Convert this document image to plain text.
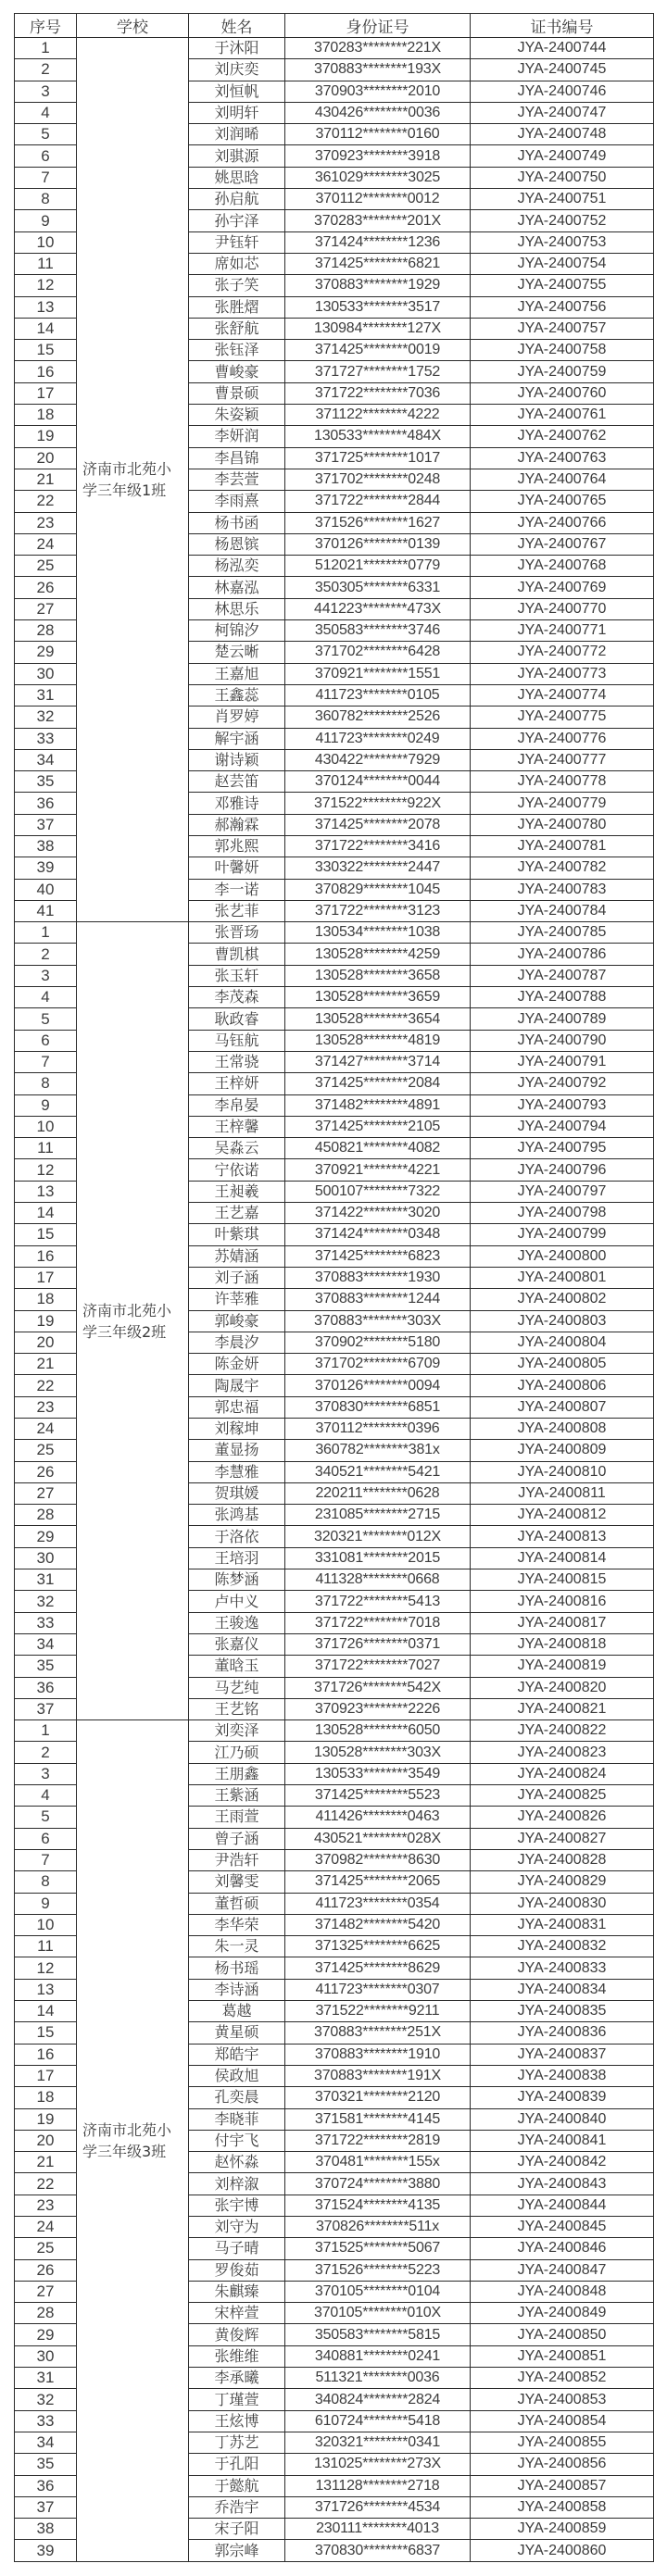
序号	学校	姓名	身份证号	证书编号
1	济南市北苑小学三年级1班	于沐阳	370283********221X	JYA-2400744
2		刘庆奕	370883********193X	JYA-2400745
3		刘恒帆	370903********2010	JYA-2400746
4		刘明轩	430426********0036	JYA-2400747
5		刘润晞	370112********0160	JYA-2400748
6		刘骐源	370923********3918	JYA-2400749
7		姚思晗	361029********3025	JYA-2400750
8		孙启航	370112********0012	JYA-2400751
9		孙宇泽	370283********201X	JYA-2400752
10		尹钰轩	371424********1236	JYA-2400753
11		席如芯	371425********6821	JYA-2400754
12		张子笑	370883********1929	JYA-2400755
13		张胜熠	130533********3517	JYA-2400756
14		张舒航	130984********127X	JYA-2400757
15		张钰泽	371425********0019	JYA-2400758
16		曹峻豪	371727********1752	JYA-2400759
17		曹景硕	371722********7036	JYA-2400760
18		朱姿颖	371122********4222	JYA-2400761
19		李妍润	130533********484X	JYA-2400762
20		李昌锦	371725********1017	JYA-2400763
21		李芸萱	371702********0248	JYA-2400764
22		李雨熹	371722********2844	JYA-2400765
23		杨书函	371526********1627	JYA-2400766
24		杨恩镔	370126********0139	JYA-2400767
25		杨泓奕	512021********0779	JYA-2400768
26		林嘉泓	350305********6331	JYA-2400769
27		林思乐	441223********473X	JYA-2400770
28		柯锦汐	350583********3746	JYA-2400771
29		楚云晰	371702********6428	JYA-2400772
30		王嘉旭	370921********1551	JYA-2400773
31		王鑫蕊	411723********0105	JYA-2400774
32		肖罗婷	360782********2526	JYA-2400775
33		解宇涵	411723********0249	JYA-2400776
34		谢诗颖	430422********7929	JYA-2400777
35		赵芸笛	370124********0044	JYA-2400778
36		邓雅诗	371522********922X	JYA-2400779
37		郝瀚霖	371425********2078	JYA-2400780
38		郭兆熙	371722********3416	JYA-2400781
39		叶馨妍	330322********2447	JYA-2400782
40		李一诺	370829********1045	JYA-2400783
41		张艺菲	371722********3123	JYA-2400784
1	济南市北苑小学三年级2班	张晋玚	130534********1038	JYA-2400785
2		曹凯棋	130528********4259	JYA-2400786
3		张玉轩	130528********3658	JYA-2400787
4		李茂森	130528********3659	JYA-2400788
5		耿政睿	130528********3654	JYA-2400789
6		马钰航	130528********4819	JYA-2400790
7		王常骁	371427********3714	JYA-2400791
8		王梓妍	371425********2084	JYA-2400792
9		李帛晏	371482********4891	JYA-2400793
10		王梓馨	371425********2105	JYA-2400794
11		吴淼云	450821********4082	JYA-2400795
12		宁依诺	370921********4221	JYA-2400796
13		王昶羲	500107********7322	JYA-2400797
14		王艺嘉	371422********3020	JYA-2400798
15		叶紫琪	371424********0348	JYA-2400799
16		苏婧涵	371425********6823	JYA-2400800
17		刘子涵	370883********1930	JYA-2400801
18		许莘雅	370883********1244	JYA-2400802
19		郭峻豪	370883********303X	JYA-2400803
20		李晨汐	370902********5180	JYA-2400804
21		陈金妍	371702********6709	JYA-2400805
22		陶晟宇	370126********0094	JYA-2400806
23		郭忠福	370830********6851	JYA-2400807
24		刘稼坤	370112********0396	JYA-2400808
25		董显扬	360782********381x	JYA-2400809
26		李慧雅	340521********5421	JYA-2400810
27		贺琪媛	220211********0628	JYA-2400811
28		张鸿基	231085********2715	JYA-2400812
29		于洛依	320321********012X	JYA-2400813
30		王培羽	331081********2015	JYA-2400814
31		陈梦涵	411328********0668	JYA-2400815
32		卢中义	371722********5413	JYA-2400816
33		王骏逸	371722********7018	JYA-2400817
34		张嘉仪	371726********0371	JYA-2400818
35		董晗玉	371722********7027	JYA-2400819
36		马艺纯	371726********542X	JYA-2400820
37		王艺铭	370923********2226	JYA-2400821
1	济南市北苑小学三年级3班	刘奕泽	130528********6050	JYA-2400822
2		江乃硕	130528********303X	JYA-2400823
3		王朋鑫	130533********3549	JYA-2400824
4		王紫涵	371425********5523	JYA-2400825
5		王雨萱	411426********0463	JYA-2400826
6		曾子涵	430521********028X	JYA-2400827
7		尹浩轩	370982********8630	JYA-2400828
8		刘馨雯	371425********2065	JYA-2400829
9		董哲硕	411723********0354	JYA-2400830
10		李华荣	371482********5420	JYA-2400831
11		朱一灵	371325********6625	JYA-2400832
12		杨书瑶	371425********8629	JYA-2400833
13		李诗涵	411723********0307	JYA-2400834
14		葛越	371522********9211	JYA-2400835
15		黄星硕	370883********251X	JYA-2400836
16		郑皓宇	370883********1910	JYA-2400837
17		侯政旭	370883********191X	JYA-2400838
18		孔奕晨	370321********2120	JYA-2400839
19		李晓菲	371581********4145	JYA-2400840
20		付宇飞	371722********2819	JYA-2400841
21		赵怀淼	370481********155x	JYA-2400842
22		刘梓溆	370724********3880	JYA-2400843
23		张宇博	371524********4135	JYA-2400844
24		刘守为	370826********511x	JYA-2400845
25		马子晴	371525********5067	JYA-2400846
26		罗俊茹	371526********5223	JYA-2400847
27		朱麒臻	370105********0104	JYA-2400848
28		宋梓萱	370105********010X	JYA-2400849
29		黄俊辉	350583********5815	JYA-2400850
30		张维维	340881********0241	JYA-2400851
31		李承曦	511321********0036	JYA-2400852
32		丁瑾萱	340824********2824	JYA-2400853
33		王炫博	610724********5418	JYA-2400854
34		丁苏艺	320321********0341	JYA-2400855
35		于孔阳	131025********273X	JYA-2400856
36		于懿航	131128********2718	JYA-2400857
37		乔浩宇	371726********4534	JYA-2400858
38		宋子阳	230111********4013	JYA-2400859
39		郭宗峰	370830********6837	JYA-2400860
